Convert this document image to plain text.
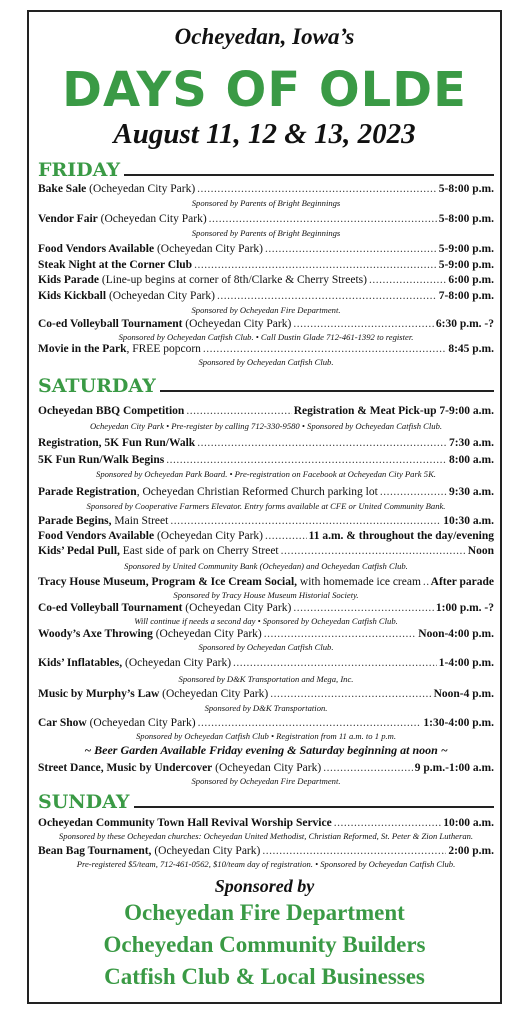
Ocheyedan, Iowa’s
DAYS OF OLDE
August 11, 12 & 13, 2023
FRIDAY
Bake Sale (Ocheyedan City Park) .....	5-8:00 p.m.
Sponsored by Parents of Bright Beginnings
Vendor Fair (Ocheyedan City Park) .....	5-8:00 p.m.
Sponsored by Parents of Bright Beginnings
Food Vendors Available (Ocheyedan City Park) .....	5-9:00 p.m.
Steak Night at the Corner Club .....	5-9:00 p.m.
Kids Parade (Line-up begins at corner of 8th/Clarke & Cherry Streets) .....	6:00 p.m.
Kids Kickball (Ocheyedan City Park) .....	7-8:00 p.m.
Sponsored by Ocheyedan Fire Department.
Co-ed Volleyball Tournament (Ocheyedan City Park) .....	6:30 p.m. -?
Sponsored by Ocheyedan Catfish Club. • Call Dustin Glade 712-461-1392 to register.
Movie in the Park, FREE popcorn .....	8:45 p.m.
Sponsored by Ocheyedan Catfish Club.
SATURDAY
Ocheyedan BBQ Competition .....	Registration & Meat Pick-up 7-9:00 a.m.
Ocheyedan City Park • Pre-register by calling 712-330-9580 • Sponsored by Ocheyedan Catfish Club.
Registration, 5K Fun Run/Walk .....	7:30 a.m.
5K Fun Run/Walk Begins .....	8:00 a.m.
Sponsored by Ocheyedan Park Board. • Pre-registration on Facebook at Ocheyedan City Park 5K.
Parade Registration, Ocheyedan Christian Reformed Church parking lot .....	9:30 a.m.
Sponsored by Cooperative Farmers Elevator. Entry forms available at CFE or United Community Bank.
Parade Begins, Main Street .....	10:30 a.m.
Food Vendors Available (Ocheyedan City Park) .....	11 a.m. & throughout the day/evening
Kids’ Pedal Pull, East side of park on Cherry Street .....	Noon
Sponsored by United Community Bank (Ocheyedan) and Ocheyedan Catfish Club.
Tracy House Museum, Program & Ice Cream Social, with homemade ice cream ..... After parade
Sponsored by Tracy House Museum Historial Society.
Co-ed Volleyball Tournament (Ocheyedan City Park) .....	1:00 p.m. -?
Will continue if needs a second day • Sponsored by Ocheyedan Catfish Club.
Woody’s Axe Throwing (Ocheyedan City Park) .....	Noon-4:00 p.m.
Sponsored by Ocheyedan Catfish Club.
Kids’ Inflatables, (Ocheyedan City Park) .....	1-4:00 p.m.
Sponsored by D&K Transportation and Mega, Inc.
Music by Murphy’s Law (Ocheyedan City Park) .....	Noon-4 p.m.
Sponsored by D&K Transportation.
Car Show (Ocheyedan City Park) .....	1:30-4:00 p.m.
Sponsored by Ocheyedan Catfish Club • Registration from 11 a.m. to 1 p.m.
~ Beer Garden Available Friday evening & Saturday beginning at noon ~
Street Dance, Music by Undercover (Ocheyedan City Park) .....	9 p.m.-1:00 a.m.
Sponsored by Ocheyedan Fire Department.
SUNDAY
Ocheyedan Community Town Hall Revival Worship Service .....	10:00 a.m.
Sponsored by these Ocheyedan churches: Ocheyedan United Methodist, Christian Reformed, St. Peter & Zion Lutheran.
Bean Bag Tournament, (Ocheyedan City Park) .....	2:00 p.m.
Pre-registered $5/team, 712-461-0562, $10/team day of registration. • Sponsored by Ocheyedan Catfish Club.
Sponsored by
Ocheyedan Fire Department
Ocheyedan Community Builders
Catfish Club & Local Businesses
